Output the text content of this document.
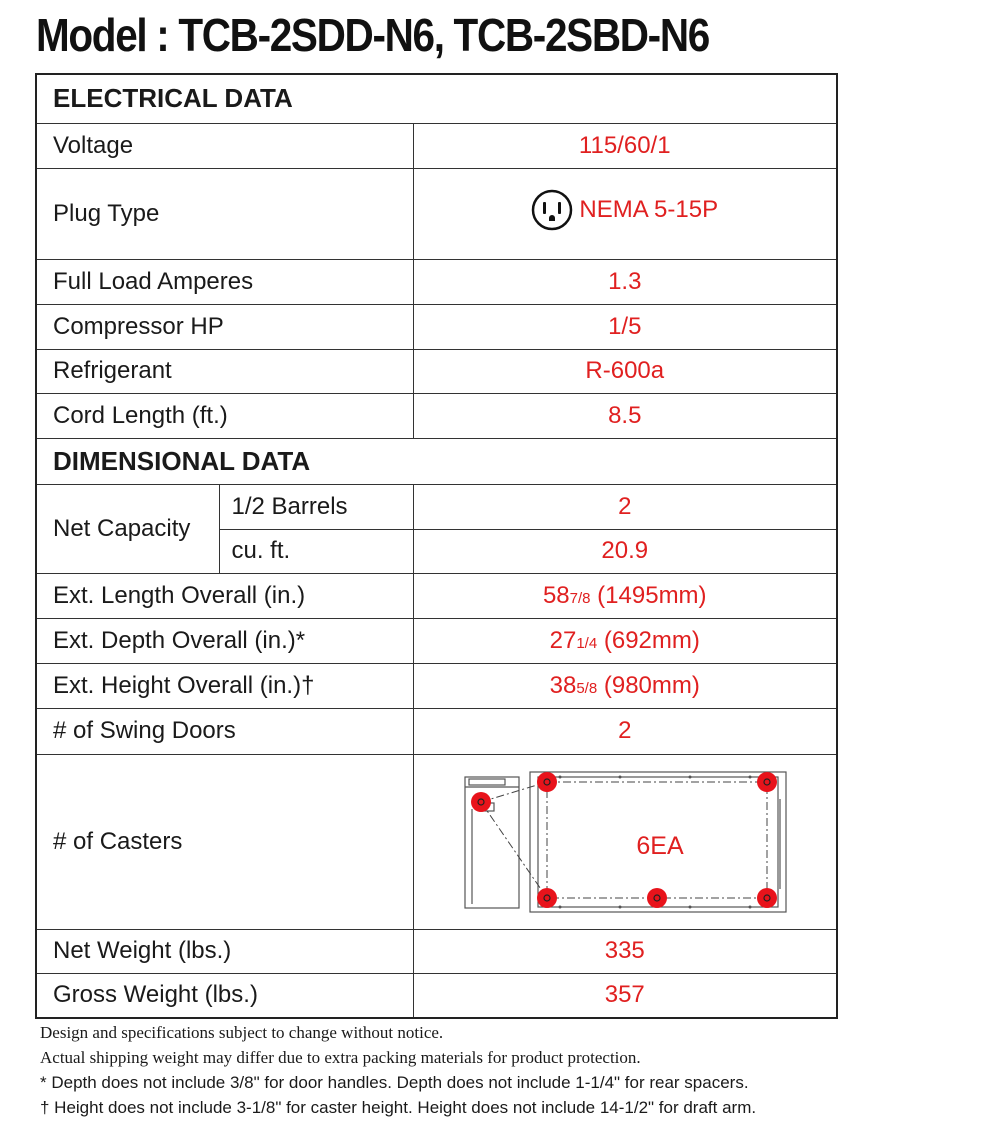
Model : TCB-2SDD-N6, TCB-2SBD-N6
ELECTRICAL DATA		
Voltage		115/60/1
Plug Type		NEMA 5-15P

Full Load Amperes		1.3
Compressor HP		1/5
Refrigerant		R-600a
Cord Length (ft.)		8.5
DIMENSIONAL DATA		
Net Capacity	1/2 Barrels	2
	cu. ft.	20.9
Ext. Length Overall (in.)		587/8 (1495mm)
Ext. Depth Overall (in.)*		271/4 (692mm)
Ext. Height Overall (in.)†		385/8 (980mm)
# of Swing Doors		2
# of Casters		6EA

Net Weight (lbs.)		335
Gross Weight (lbs.)		357
Design and specifications subject to change without notice.
Actual shipping weight may differ due to extra packing materials for product protection.
* Depth does not include 3/8" for door handles. Depth does not include 1-1/4" for rear spacers.
† Height does not include 3-1/8" for caster height. Height does not include 14-1/2" for draft arm.
